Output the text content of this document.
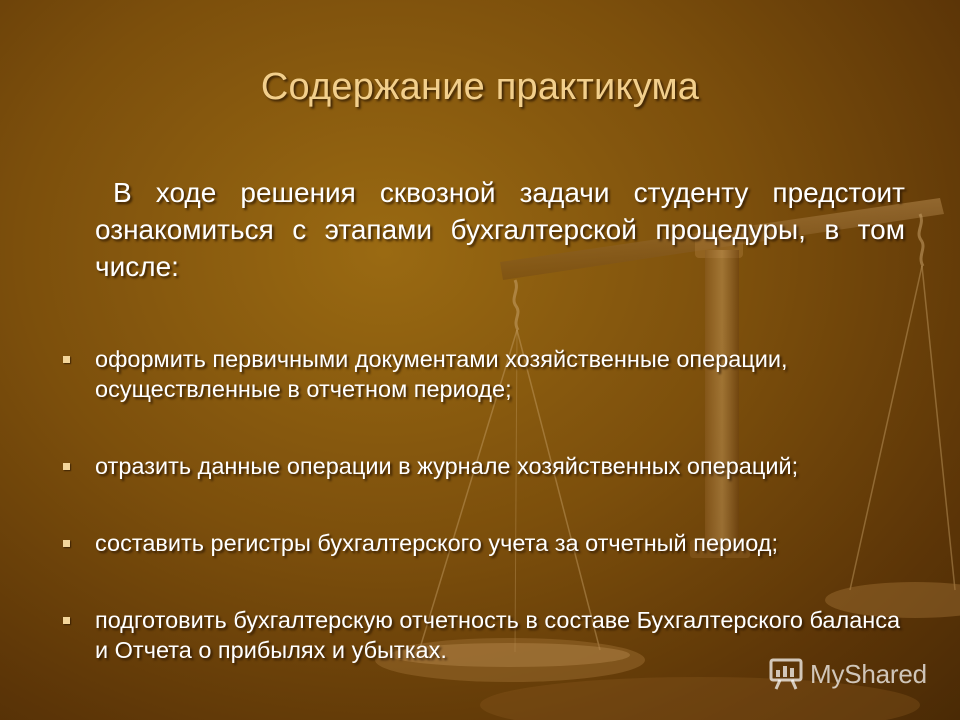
Содержание практикума
В ходе решения сквозной задачи студенту предстоит ознакомиться с этапами бухгалтерской процедуры, в том числе:
оформить первичными документами хозяйственные операции, осуществленные в отчетном периоде;
отразить данные операции в журнале хозяйственных операций;
составить регистры бухгалтерского учета за отчетный период;
подготовить бухгалтерскую отчетность в составе Бухгалтерского баланса и Отчета о прибылях и убытках.
MyShared
